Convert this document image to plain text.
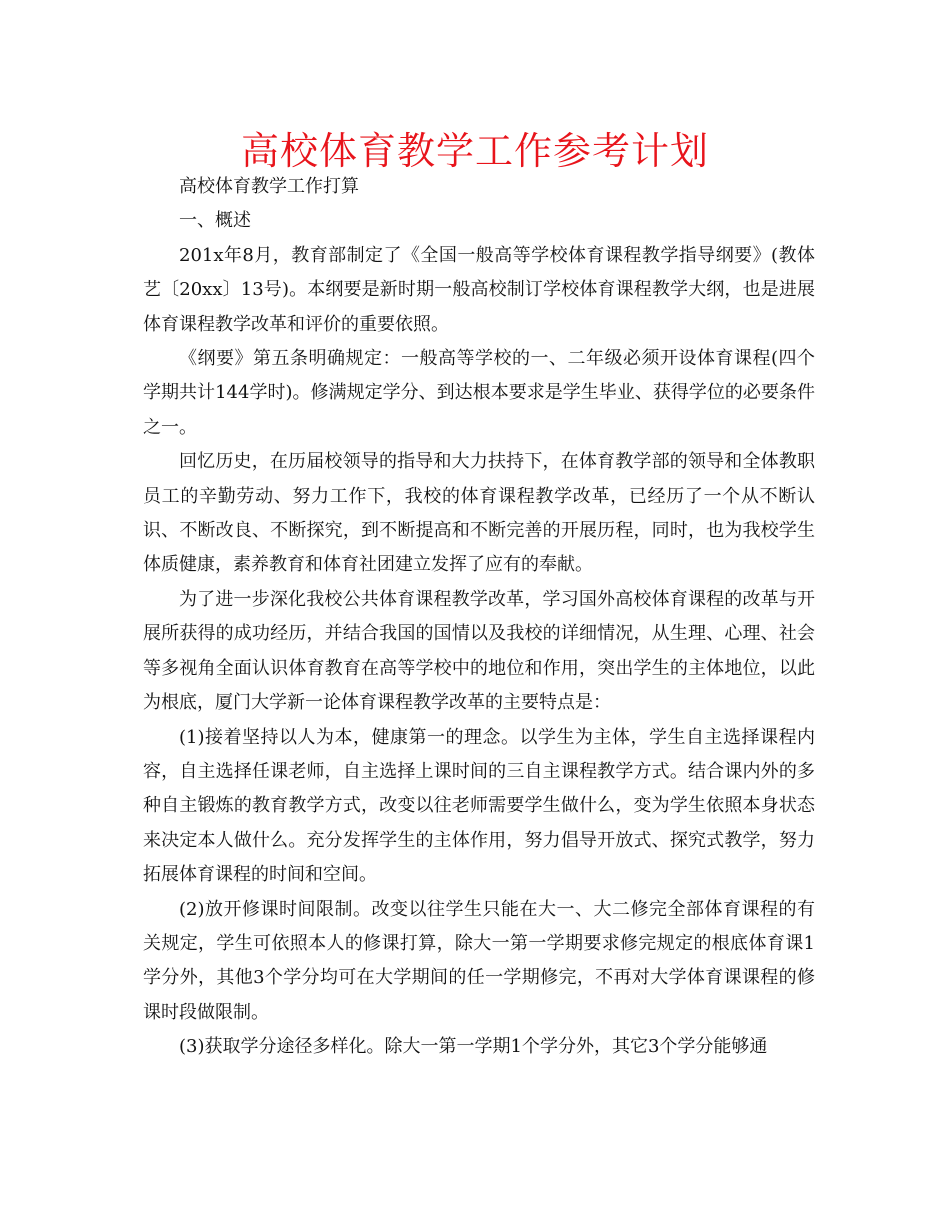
高校体育教学工作参考计划

高校体育教学工作打算

一、概述

201x年8月，教育部制定了《全国一般高等学校体育课程教学指导纲要》(教体艺〔20xx〕13号)。本纲要是新时期一般高校制订学校体育课程教学大纲，也是进展体育课程教学改革和评价的重要依照。

《纲要》第五条明确规定：一般高等学校的一、二年级必须开设体育课程(四个学期共计144学时)。修满规定学分、到达根本要求是学生毕业、获得学位的必要条件之一。

回忆历史，在历届校领导的指导和大力扶持下，在体育教学部的领导和全体教职员工的辛勤劳动、努力工作下，我校的体育课程教学改革，已经历了一个从不断认识、不断改良、不断探究，到不断提高和不断完善的开展历程，同时，也为我校学生体质健康，素养教育和体育社团建立发挥了应有的奉献。

为了进一步深化我校公共体育课程教学改革，学习国外高校体育课程的改革与开展所获得的成功经历，并结合我国的国情以及我校的详细情况，从生理、心理、社会等多视角全面认识体育教育在高等学校中的地位和作用，突出学生的主体地位，以此为根底，厦门大学新一论体育课程教学改革的主要特点是：

(1)接着坚持以人为本，健康第一的理念。以学生为主体，学生自主选择课程内容，自主选择任课老师，自主选择上课时间的三自主课程教学方式。结合课内外的多种自主锻炼的教育教学方式，改变以往老师需要学生做什么，变为学生依照本身状态来决定本人做什么。充分发挥学生的主体作用，努力倡导开放式、探究式教学，努力拓展体育课程的时间和空间。

(2)放开修课时间限制。改变以往学生只能在大一、大二修完全部体育课程的有关规定，学生可依照本人的修课打算，除大一第一学期要求修完规定的根底体育课1学分外，其他3个学分均可在大学期间的任一学期修完，不再对大学体育课课程的修课时段做限制。

(3)获取学分途径多样化。除大一第一学期1个学分外，其它3个学分能够通
